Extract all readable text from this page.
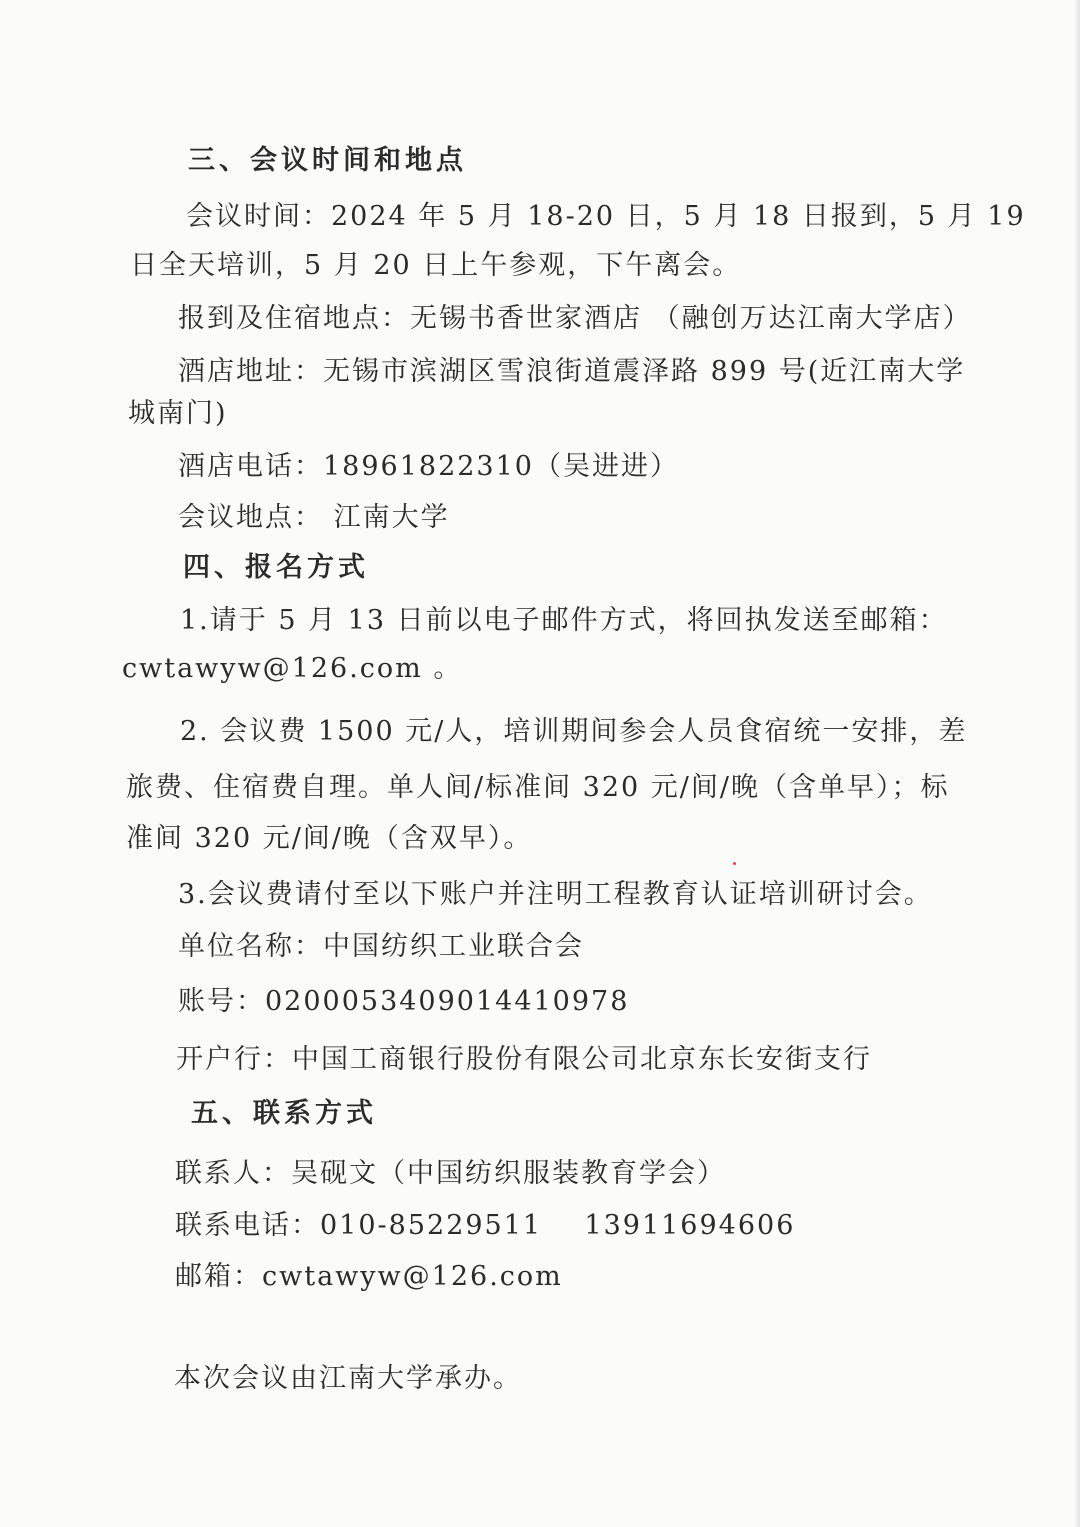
三、会议时间和地点
会议时间：2024 年 5 月 18-20 日，5 月 18 日报到，5 月 19
日全天培训，5 月 20 日上午参观，下午离会。
报到及住宿地点：无锡书香世家酒店 （融创万达江南大学店）
酒店地址：无锡市滨湖区雪浪街道震泽路 899 号(近江南大学
城南门)
酒店电话：18961822310（吴进进）
会议地点： 江南大学
四、报名方式
1.请于 5 月 13 日前以电子邮件方式，将回执发送至邮箱：
cwtawyw@126.com 。
2. 会议费 1500 元/人，培训期间参会人员食宿统一安排，差
旅费、住宿费自理。单人间/标准间 320 元/间/晚（含单早）；标
准间 320 元/间/晚（含双早）。
3.会议费请付至以下账户并注明工程教育认证培训研讨会。
单位名称：中国纺织工业联合会
账号：0200053409014410978
开户行：中国工商银行股份有限公司北京东长安街支行
五、联系方式
联系人：吴砚文（中国纺织服装教育学会）
联系电话：010-85229511    13911694606
邮箱：cwtawyw@126.com
本次会议由江南大学承办。
